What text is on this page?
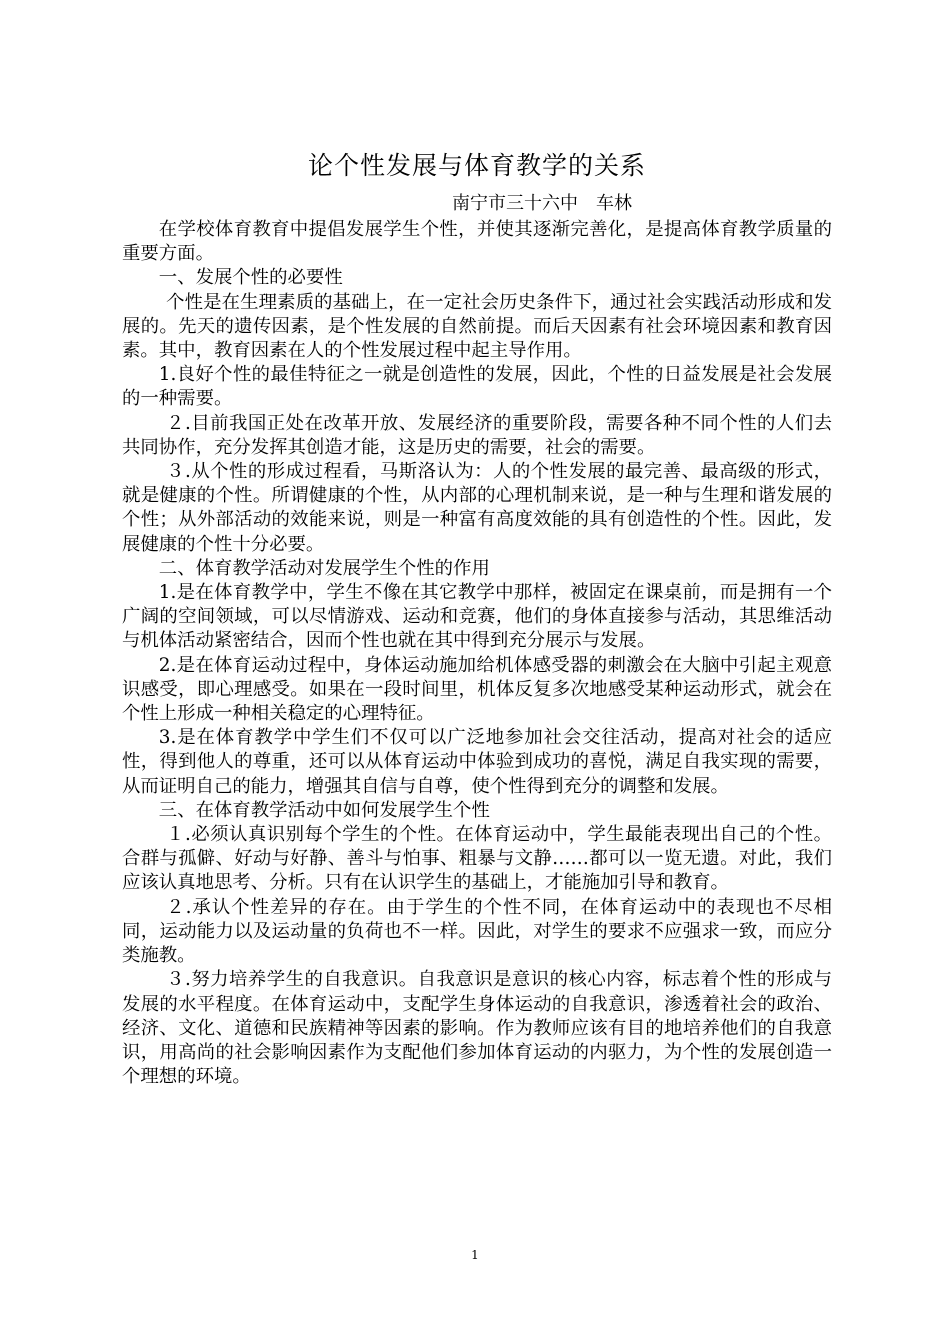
论个性发展与体育教学的关系
南宁市三十六中　车林

在学校体育教育中提倡发展学生个性，并使其逐渐完善化，是提高体育教学质量的重要方面。

一、发展个性的必要性

个性是在生理素质的基础上，在一定社会历史条件下，通过社会实践活动形成和发展的。先天的遗传因素，是个性发展的自然前提。而后天因素有社会环境因素和教育因素。其中，教育因素在人的个性发展过程中起主导作用。

1.良好个性的最佳特征之一就是创造性的发展，因此，个性的日益发展是社会发展的一种需要。

２.目前我国正处在改革开放、发展经济的重要阶段，需要各种不同个性的人们去共同协作，充分发挥其创造才能，这是历史的需要，社会的需要。

３.从个性的形成过程看，马斯洛认为：人的个性发展的最完善、最高级的形式，就是健康的个性。所谓健康的个性，从内部的心理机制来说，是一种与生理和谐发展的个性；从外部活动的效能来说，则是一种富有高度效能的具有创造性的个性。因此，发展健康的个性十分必要。

二、体育教学活动对发展学生个性的作用

1.是在体育教学中，学生不像在其它教学中那样，被固定在课桌前，而是拥有一个广阔的空间领域，可以尽情游戏、运动和竞赛，他们的身体直接参与活动，其思维活动与机体活动紧密结合，因而个性也就在其中得到充分展示与发展。

2.是在体育运动过程中，身体运动施加给机体感受器的刺激会在大脑中引起主观意识感受，即心理感受。如果在一段时间里，机体反复多次地感受某种运动形式，就会在个性上形成一种相关稳定的心理特征。

3.是在体育教学中学生们不仅可以广泛地参加社会交往活动，提高对社会的适应性，得到他人的尊重，还可以从体育运动中体验到成功的喜悦，满足自我实现的需要，从而证明自己的能力，增强其自信与自尊，使个性得到充分的调整和发展。

三、在体育教学活动中如何发展学生个性

１.必须认真识别每个学生的个性。在体育运动中，学生最能表现出自己的个性。合群与孤僻、好动与好静、善斗与怕事、粗暴与文静……都可以一览无遗。对此，我们应该认真地思考、分析。只有在认识学生的基础上，才能施加引导和教育。

２.承认个性差异的存在。由于学生的个性不同，在体育运动中的表现也不尽相同，运动能力以及运动量的负荷也不一样。因此，对学生的要求不应强求一致，而应分类施教。

３.努力培养学生的自我意识。自我意识是意识的核心内容，标志着个性的形成与发展的水平程度。在体育运动中，支配学生身体运动的自我意识，渗透着社会的政治、经济、文化、道德和民族精神等因素的影响。作为教师应该有目的地培养他们的自我意识，用高尚的社会影响因素作为支配他们参加体育运动的内驱力，为个性的发展创造一个理想的环境。

1
